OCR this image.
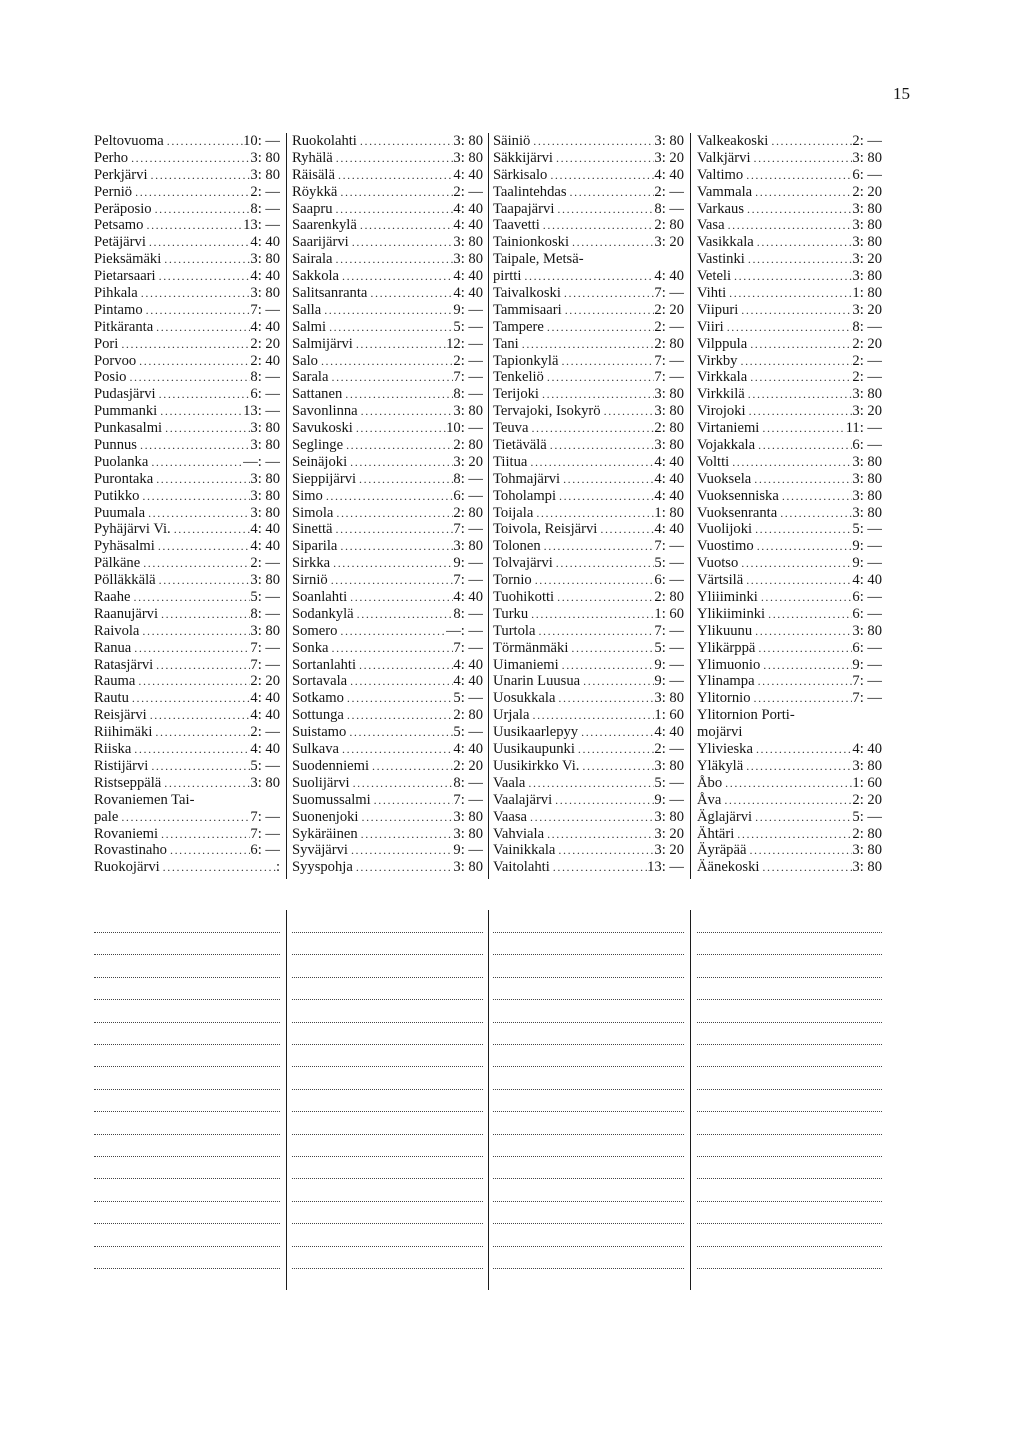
15
Peltovuoma .....	10: —
Perho .....	3: 80
Perkjärvi .....	3: 80
Perniö .....	2: —
Peräposio .....	8: —
Petsamo .....	13: —
Petäjärvi .....	4: 40
Pieksämäki .....	3: 80
Pietarsaari .....	4: 40
Pihkala .....	3: 80
Pintamo .....	7: —
Pitkäranta .....	4: 40
Pori .....	2: 20
Porvoo .....	2: 40
Posio .....	8: —
Pudasjärvi .....	6: —
Pummanki .....	13: —
Punkasalmi .....	3: 80
Punnus .....	3: 80
Puolanka .....	—: —
Purontaka .....	3: 80
Putikko .....	3: 80
Puumala .....	3: 80
Pyhäjärvi Vi. .....	4: 40
Pyhäsalmi .....	4: 40
Pälkäne .....	2: —
Pölläkkälä .....	3: 80
Raahe .....	5: —
Raanujärvi .....	8: —
Raivola .....	3: 80
Ranua .....	7: —
Ratasjärvi .....	7: —
Rauma .....	2: 20
Rautu .....	4: 40
Reisjärvi .....	4: 40
Riihimäki .....	2: —
Riiska .....	4: 40
Ristijärvi .....	5: —
Ristseppälä .....	3: 80
Rovaniemen Tai-
pale .....	7: —
Rovaniemi .....	7: —
Rovastinaho .....	6: —
Ruokojärvi .....	:
Ruokolahti .....	3: 80
Ryhälä .....	3: 80
Räisälä .....	4: 40
Röykkä .....	2: —
Saapru .....	4: 40
Saarenkylä .....	4: 40
Saarijärvi .....	3: 80
Sairala .....	3: 80
Sakkola .....	4: 40
Salitsanranta .....	4: 40
Salla .....	9: —
Salmi .....	5: —
Salmijärvi .....	12: —
Salo .....	2: —
Sarala .....	7: —
Sattanen .....	8: —
Savonlinna .....	3: 80
Savukoski .....	10: —
Seglinge .....	2: 80
Seinäjoki .....	3: 20
Sieppijärvi .....	8: —
Simo .....	6: —
Simola .....	2: 80
Sinettä .....	7: —
Siparila .....	3: 80
Sirkka .....	9: —
Sirniö .....	7: —
Soanlahti .....	4: 40
Sodankylä .....	8: —
Somero .....	—: —
Sonka .....	7: —
Sortanlahti .....	4: 40
Sortavala .....	4: 40
Sotkamo .....	5: —
Sottunga .....	2: 80
Suistamo .....	5: —
Sulkava .....	4: 40
Suodenniemi .....	2: 20
Suolijärvi .....	8: —
Suomussalmi .....	7: —
Suonenjoki .....	3: 80
Sykäräinen .....	3: 80
Syväjärvi .....	9: —
Syyspohja .....	3: 80
Säiniö .....	3: 80
Säkkijärvi .....	3: 20
Särkisalo .....	4: 40
Taalintehdas .....	2: —
Taapajärvi .....	8: —
Taavetti .....	2: 80
Tainionkoski .....	3: 20
Taipale, Metsä-
pirtti .....	4: 40
Taivalkoski .....	7: —
Tammisaari .....	2: 20
Tampere .....	2: —
Tani .....	2: 80
Tapionkylä .....	7: —
Tenkeliö .....	7: —
Terijoki .....	3: 80
Tervajoki, Isokyrö .....	3: 80
Teuva .....	2: 80
Tietävälä .....	3: 80
Tiitua .....	4: 40
Tohmajärvi .....	4: 40
Toholampi .....	4: 40
Toijala .....	1: 80
Toivola, Reisjärvi .....	4: 40
Tolonen .....	7: —
Tolvajärvi .....	5: —
Tornio .....	6: —
Tuohikotti .....	2: 80
Turku .....	1: 60
Turtola .....	7: —
Törmänmäki .....	5: —
Uimaniemi .....	9: —
Unarin Luusua .....	9: —
Uosukkala .....	3: 80
Urjala .....	1: 60
Uusikaarlepyy .....	4: 40
Uusikaupunki .....	2: —
Uusikirkko Vi. .....	3: 80
Vaala .....	5: —
Vaalajärvi .....	9: —
Vaasa .....	3: 80
Vahviala .....	3: 20
Vainikkala .....	3: 20
Vaitolahti .....	13: —
Valkeakoski .....	2: —
Valkjärvi .....	3: 80
Valtimo .....	6: —
Vammala .....	2: 20
Varkaus .....	3: 80
Vasa .....	3: 80
Vasikkala .....	3: 80
Vastinki .....	3: 20
Veteli .....	3: 80
Vihti .....	1: 80
Viipuri .....	3: 20
Viiri .....	8: —
Vilppula .....	2: 20
Virkby .....	2: —
Virkkala .....	2: —
Virkkilä .....	3: 80
Virojoki .....	3: 20
Virtaniemi .....	11: —
Vojakkala .....	6: —
Voltti .....	3: 80
Vuoksela .....	3: 80
Vuoksenniska .....	3: 80
Vuoksenranta .....	3: 80
Vuolijoki .....	5: —
Vuostimo .....	9: —
Vuotso .....	9: —
Värtsilä .....	4: 40
Yliiiminki .....	6: —
Ylikiiminki .....	6: —
Ylikuunu .....	3: 80
Ylikärppä .....	6: —
Ylimuonio .....	9: —
Ylinampa .....	7: —
Ylitornio .....	7: —
Ylitornion Porti-
mojärvi
Ylivieska .....	4: 40
Yläkylä .....	3: 80
Åbo .....	1: 60
Åva .....	2: 20
Äglajärvi .....	5: —
Ähtäri .....	2: 80
Äyräpää .....	3: 80
Äänekoski .....	3: 80
